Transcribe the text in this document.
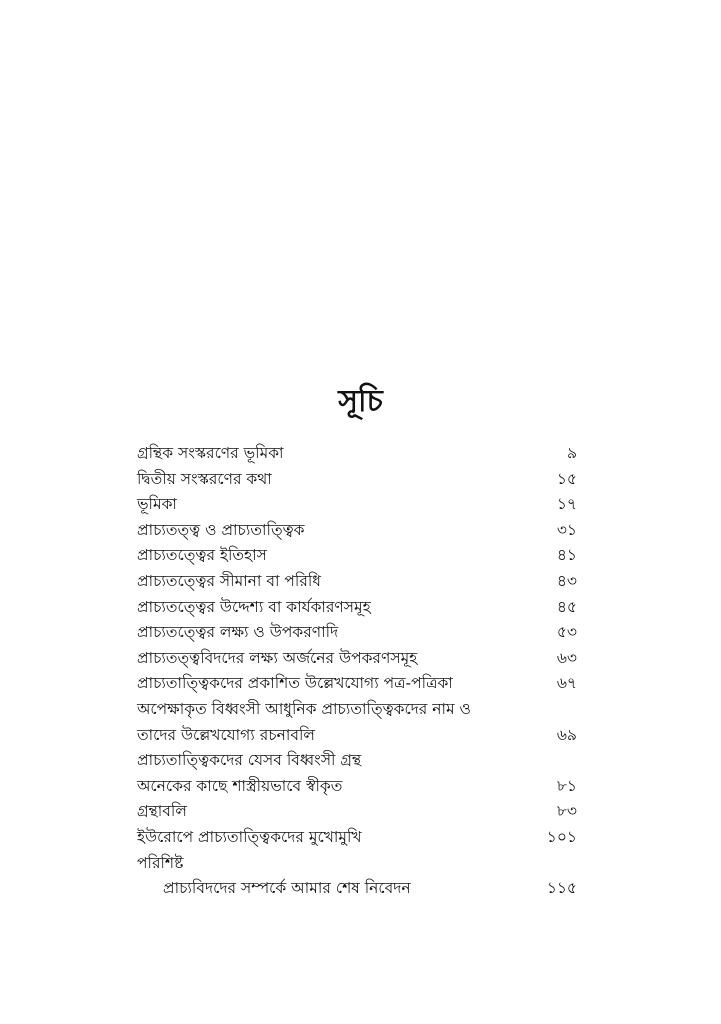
সূচি
গ্রন্থিক সংস্করণের ভূমিকা	৯
দ্বিতীয় সংস্করণের কথা	১৫
ভূমিকা	১৭
প্রাচ্যতত্ত্ব ও প্রাচ্যতাত্ত্বিক	৩১
প্রাচ্যতত্ত্বের ইতিহাস	৪১
প্রাচ্যতত্ত্বের সীমানা বা পরিধি	৪৩
প্রাচ্যতত্ত্বের উদ্দেশ্য বা কার্যকারণসমূহ	৪৫
প্রাচ্যতত্ত্বের লক্ষ্য ও উপকরণাদি	৫৩
প্রাচ্যতত্ত্ববিদদের লক্ষ্য অর্জনের উপকরণসমূহ	৬৩
প্রাচ্যতাত্ত্বিকদের প্রকাশিত উল্লেখযোগ্য পত্র-পত্রিকা	৬৭
অপেক্ষাকৃত বিধ্বংসী আধুনিক প্রাচ্যতাত্ত্বিকদের নাম ও
তাদের উল্লেখযোগ্য রচনাবলি	৬৯
প্রাচ্যতাত্ত্বিকদের যেসব বিধ্বংসী গ্রন্থ
অনেকের কাছে শাস্ত্রীয়ভাবে স্বীকৃত	৮১
গ্রন্থাবলি	৮৩
ইউরোপে প্রাচ্যতাত্ত্বিকদের মুখোমুখি	১০১
পরিশিষ্ট
প্রাচ্যবিদদের সম্পর্কে আমার শেষ নিবেদন	১১৫
